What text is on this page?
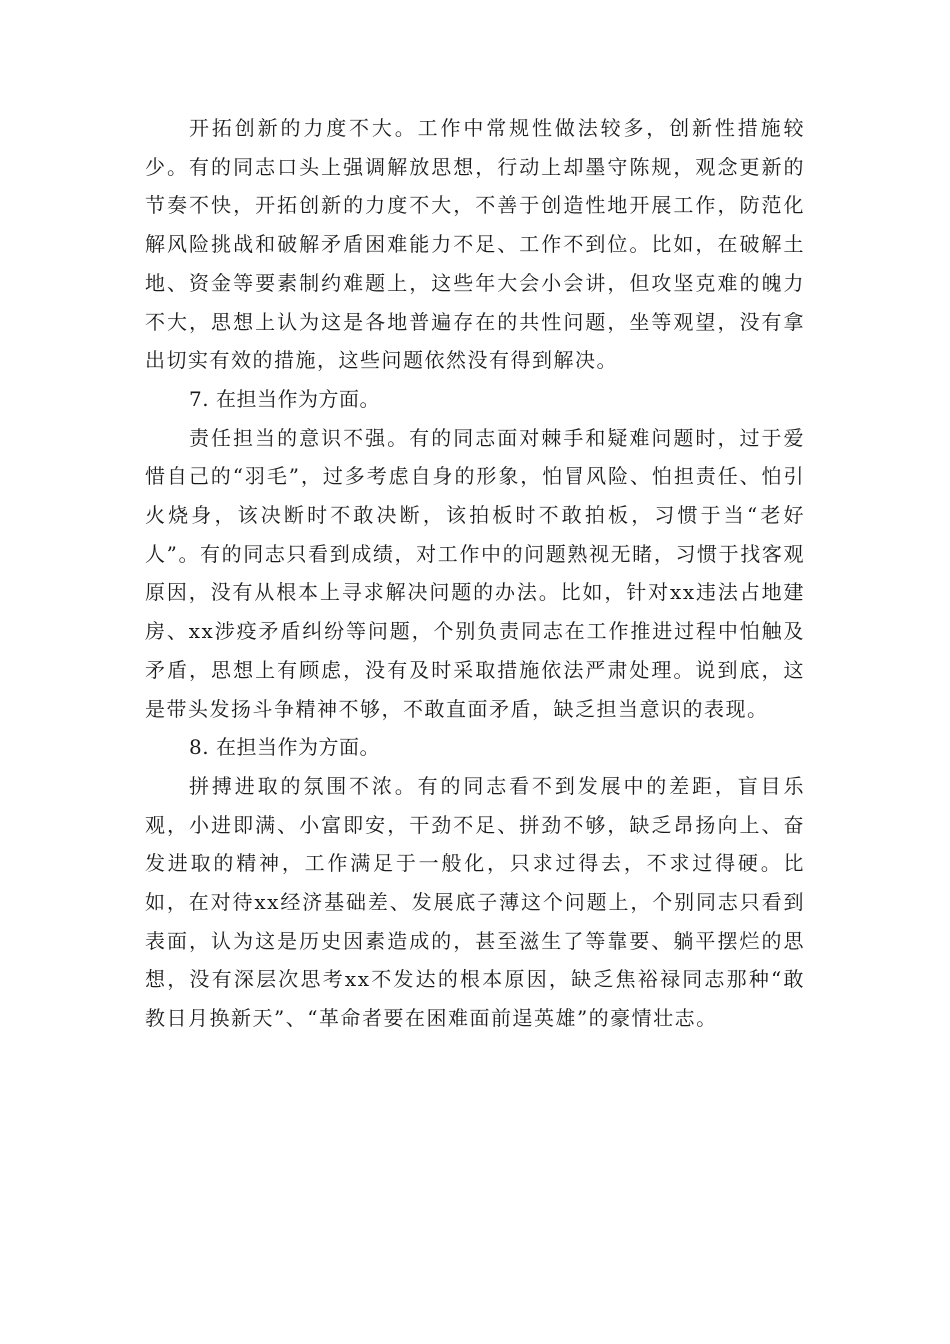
开拓创新的力度不大。工作中常规性做法较多，创新性措施较少。有的同志口头上强调解放思想，行动上却墨守陈规，观念更新的节奏不快，开拓创新的力度不大，不善于创造性地开展工作，防范化解风险挑战和破解矛盾困难能力不足、工作不到位。比如，在破解土地、资金等要素制约难题上，这些年大会小会讲，但攻坚克难的魄力不大，思想上认为这是各地普遍存在的共性问题，坐等观望，没有拿出切实有效的措施，这些问题依然没有得到解决。

7. 在担当作为方面。

责任担当的意识不强。有的同志面对棘手和疑难问题时，过于爱惜自己的“羽毛”，过多考虑自身的形象，怕冒风险、怕担责任、怕引火烧身，该决断时不敢决断，该拍板时不敢拍板，习惯于当“老好人”。有的同志只看到成绩，对工作中的问题熟视无睹，习惯于找客观原因，没有从根本上寻求解决问题的办法。比如，针对xx违法占地建房、xx涉疫矛盾纠纷等问题，个别负责同志在工作推进过程中怕触及矛盾，思想上有顾虑，没有及时采取措施依法严肃处理。说到底，这是带头发扬斗争精神不够，不敢直面矛盾，缺乏担当意识的表现。

8. 在担当作为方面。

拼搏进取的氛围不浓。有的同志看不到发展中的差距，盲目乐观，小进即满、小富即安，干劲不足、拼劲不够，缺乏昂扬向上、奋发进取的精神，工作满足于一般化，只求过得去，不求过得硬。比如，在对待xx经济基础差、发展底子薄这个问题上，个别同志只看到表面，认为这是历史因素造成的，甚至滋生了等靠要、躺平摆烂的思想，没有深层次思考xx不发达的根本原因，缺乏焦裕禄同志那种“敢教日月换新天”、“革命者要在困难面前逞英雄”的豪情壮志。
